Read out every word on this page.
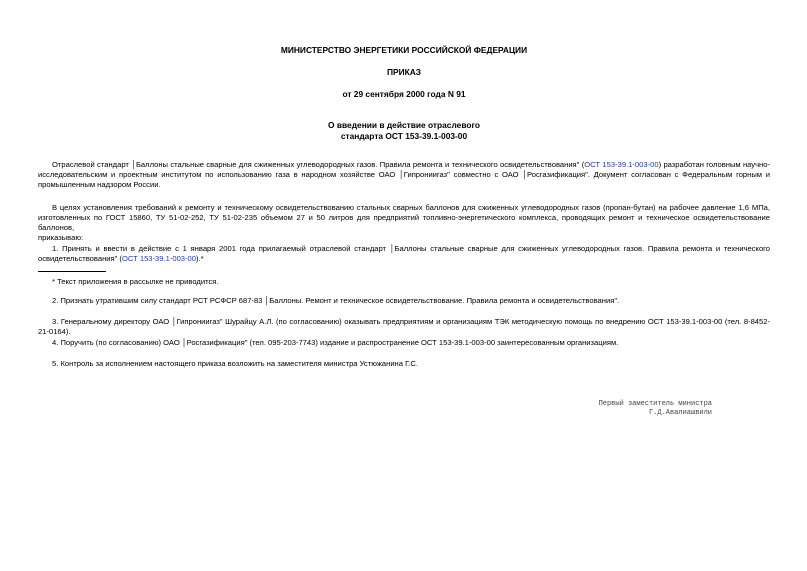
МИНИСТЕРСТВО ЭНЕРГЕТИКИ РОССИЙСКОЙ ФЕДЕРАЦИИ
ПРИКАЗ
от 29 сентября 2000 года N 91
О введении в действие отраслевого
стандарта ОСТ 153-39.1-003-00
Отраслевой стандарт │Баллоны стальные сварные для сжиженных углеводородных газов. Правила ремонта и технического освидетельствования" (ОСТ 153-39.1-003-00) разработан головным научно-исследовательским и проектным институтом по использованию газа в народном хозяйстве ОАО │Гипрониигаз" совместно с ОАО │Росгазификация". Документ согласован с Федеральным горным и промышленным надзором России.
В целях установления требований к ремонту и техническому освидетельствованию стальных сварных баллонов для сжиженных углеводородных газов (пропан-бутан) на рабочее давление 1,6 МПа, изготовленных по ГОСТ 15860, ТУ 51-02-252, ТУ 51-02-235 объемом 27 и 50 литров для предприятий топливно-энергетического комплекса, проводящих ремонт и техническое освидетельствование баллонов,
приказываю:
1. Принять и ввести в действие с 1 января 2001 года прилагаемый отраслевой стандарт │Баллоны стальные сварные для сжиженных углеводородных газов. Правила ремонта и технического освидетельствования" (ОСТ 153-39.1-003-00).*
* Текст приложения в рассылке не приводится.
2. Признать утратившим силу стандарт РСТ РСФСР 687-83 │Баллоны. Ремонт и техническое освидетельствование. Правила ремонта и освидетельствования".
3. Генеральному директору ОАО │Гипрониигаз" Шурайцу А.Л. (по согласованию) оказывать предприятиям и организациям ТЭК методическую помощь по внедрению ОСТ 153-39.1-003-00 (тел. 8-8452-21-0164).
4. Поручить (по согласованию) ОАО │Росгазификация" (тел. 095-203-7743) издание и распространение ОСТ 153-39.1-003-00 заинтересованным организациям.
5. Контроль за исполнением настоящего приказа возложить на заместителя министра Устюжанина Г.С.
Первый заместитель министра
Г.Д.Авалиашвили
